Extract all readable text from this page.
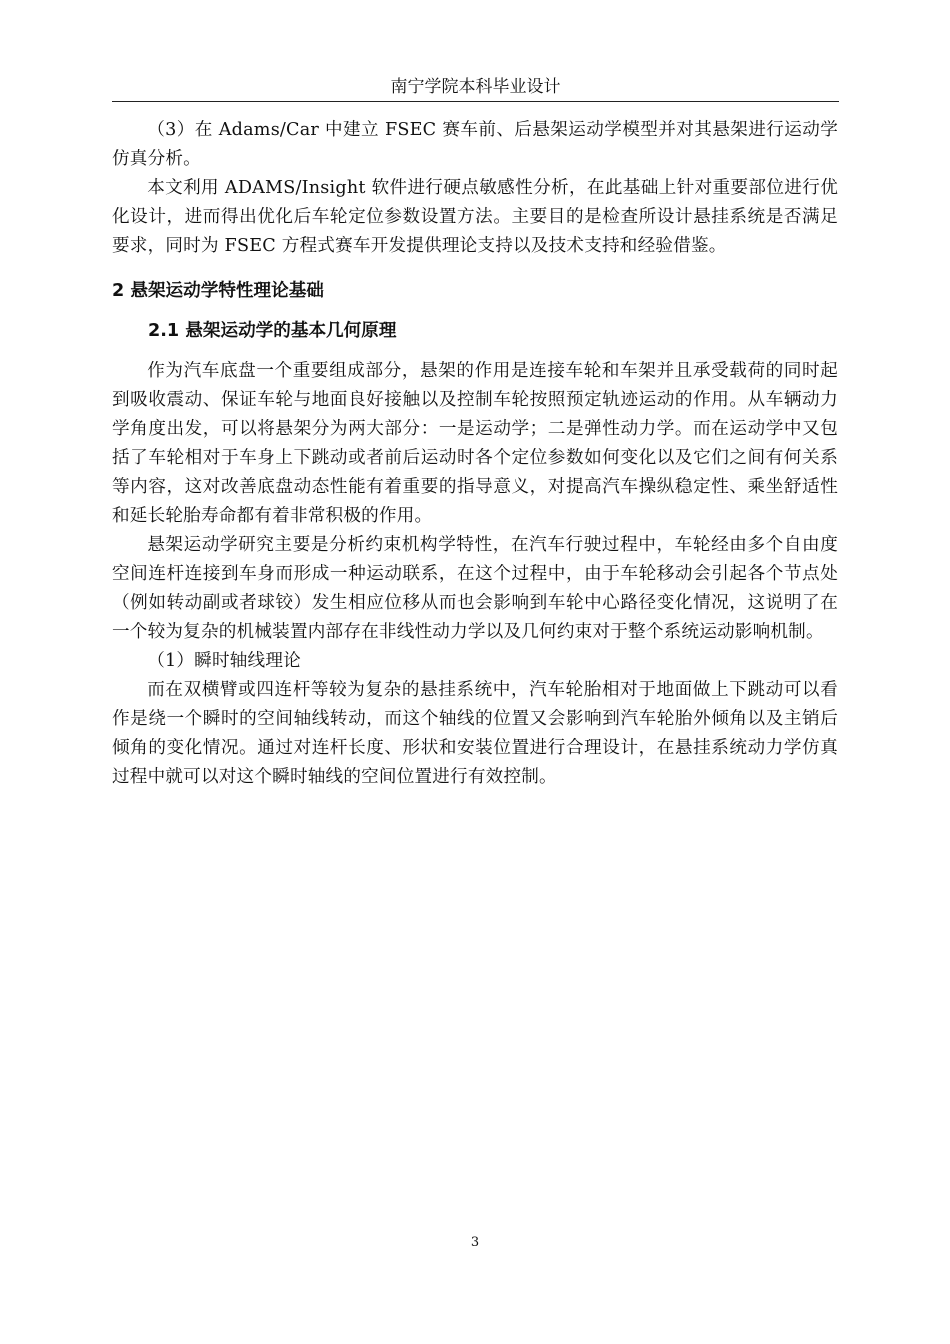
南宁学院本科毕业设计

（3）在 Adams/Car 中建立 FSEC 赛车前、后悬架运动学模型并对其悬架进行运动学仿真分析。

本文利用 ADAMS/Insight 软件进行硬点敏感性分析，在此基础上针对重要部位进行优化设计，进而得出优化后车轮定位参数设置方法。主要目的是检查所设计悬挂系统是否满足要求，同时为 FSEC 方程式赛车开发提供理论支持以及技术支持和经验借鉴。

2 悬架运动学特性理论基础
2.1 悬架运动学的基本几何原理

作为汽车底盘一个重要组成部分，悬架的作用是连接车轮和车架并且承受载荷的同时起到吸收震动、保证车轮与地面良好接触以及控制车轮按照预定轨迹运动的作用。从车辆动力学角度出发，可以将悬架分为两大部分：一是运动学；二是弹性动力学。而在运动学中又包括了车轮相对于车身上下跳动或者前后运动时各个定位参数如何变化以及它们之间有何关系等内容，这对改善底盘动态性能有着重要的指导意义，对提高汽车操纵稳定性、乘坐舒适性和延长轮胎寿命都有着非常积极的作用。

悬架运动学研究主要是分析约束机构学特性，在汽车行驶过程中，车轮经由多个自由度空间连杆连接到车身而形成一种运动联系，在这个过程中，由于车轮移动会引起各个节点处（例如转动副或者球铰）发生相应位移从而也会影响到车轮中心路径变化情况，这说明了在一个较为复杂的机械装置内部存在非线性动力学以及几何约束对于整个系统运动影响机制。

（1）瞬时轴线理论

而在双横臂或四连杆等较为复杂的悬挂系统中，汽车轮胎相对于地面做上下跳动可以看作是绕一个瞬时的空间轴线转动，而这个轴线的位置又会影响到汽车轮胎外倾角以及主销后倾角的变化情况。通过对连杆长度、形状和安装位置进行合理设计，在悬挂系统动力学仿真过程中就可以对这个瞬时轴线的空间位置进行有效控制。

3
